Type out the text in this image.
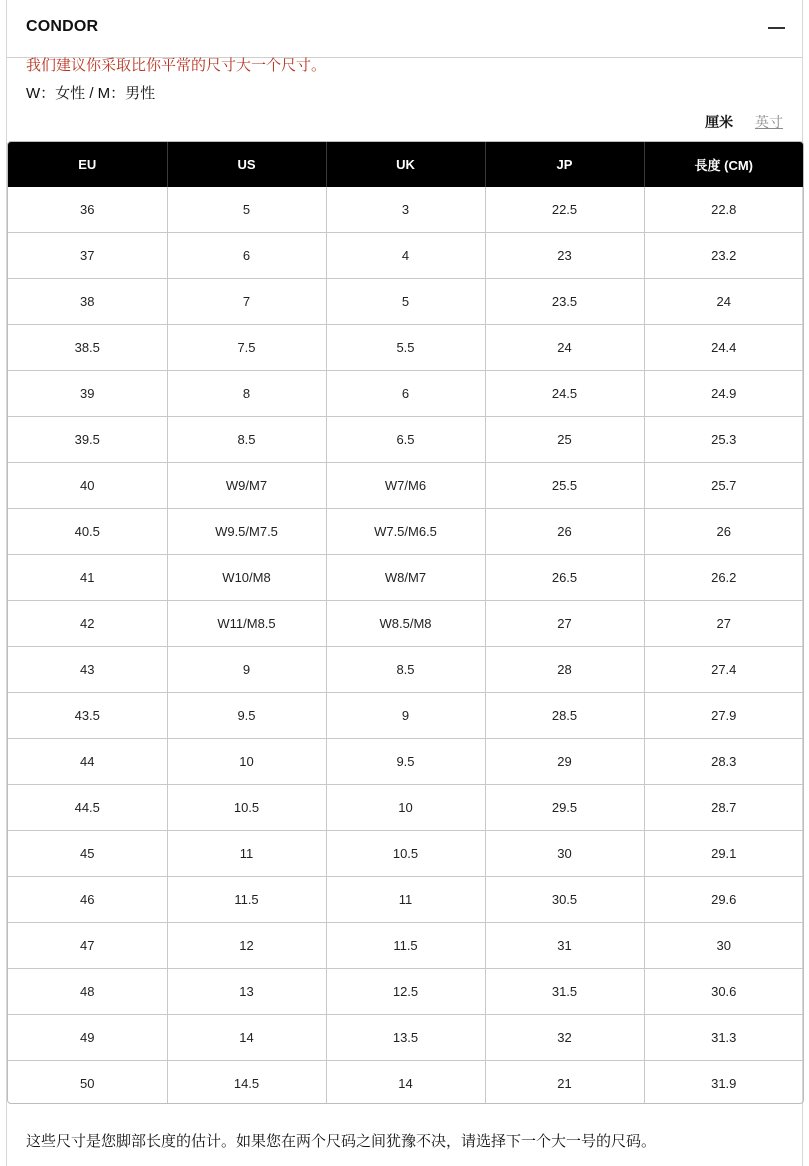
CONDOR
我们建议你采取比你平常的尺寸大一个尺寸。
W：女性 / M：男性
厘米 英寸
EU	US	UK	JP	長度 (CM)
36	5	3	22.5	22.8
37	6	4	23	23.2
38	7	5	23.5	24
38.5	7.5	5.5	24	24.4
39	8	6	24.5	24.9
39.5	8.5	6.5	25	25.3
40	W9/M7	W7/M6	25.5	25.7
40.5	W9.5/M7.5	W7.5/M6.5	26	26
41	W10/M8	W8/M7	26.5	26.2
42	W11/M8.5	W8.5/M8	27	27
43	9	8.5	28	27.4
43.5	9.5	9	28.5	27.9
44	10	9.5	29	28.3
44.5	10.5	10	29.5	28.7
45	11	10.5	30	29.1
46	11.5	11	30.5	29.6
47	12	11.5	31	30
48	13	12.5	31.5	30.6
49	14	13.5	32	31.3
50	14.5	14	21	31.9
这些尺寸是您脚部长度的估计。如果您在两个尺码之间犹豫不决，请选择下一个大一号的尺码。
